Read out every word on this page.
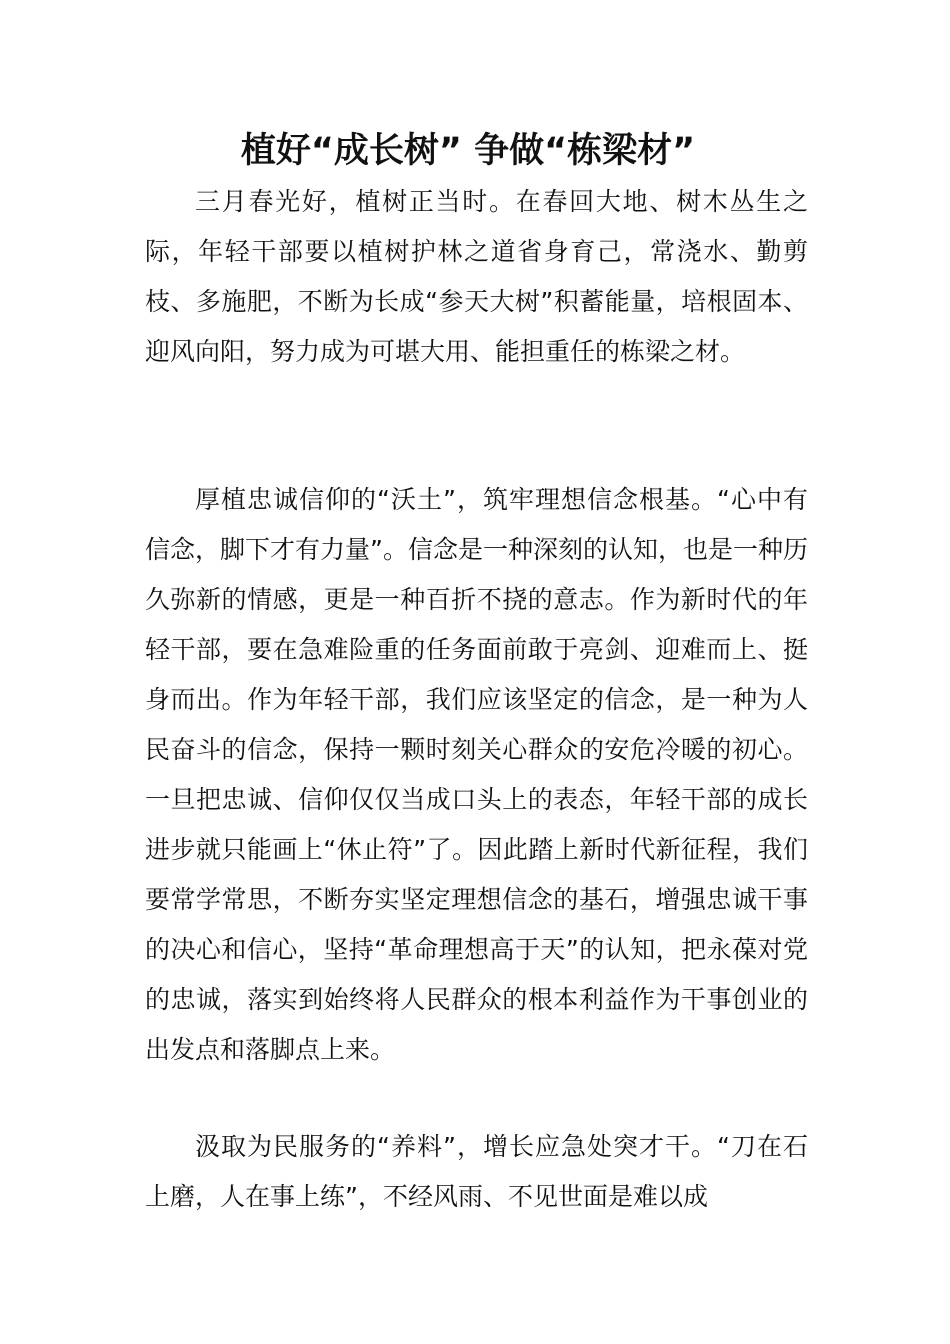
植好“成长树” 争做“栋梁材”

三月春光好，植树正当时。在春回大地、树木丛生之际，年轻干部要以植树护林之道省身育己，常浇水、勤剪枝、多施肥，不断为长成“参天大树”积蓄能量，培根固本、迎风向阳，努力成为可堪大用、能担重任的栋梁之材。

厚植忠诚信仰的“沃土”，筑牢理想信念根基。“心中有信念，脚下才有力量”。信念是一种深刻的认知，也是一种历久弥新的情感，更是一种百折不挠的意志。作为新时代的年轻干部，要在急难险重的任务面前敢于亮剑、迎难而上、挺身而出。作为年轻干部，我们应该坚定的信念，是一种为人民奋斗的信念，保持一颗时刻关心群众的安危冷暖的初心。一旦把忠诚、信仰仅仅当成口头上的表态，年轻干部的成长进步就只能画上“休止符”了。因此踏上新时代新征程，我们要常学常思，不断夯实坚定理想信念的基石，增强忠诚干事的决心和信心，坚持“革命理想高于天”的认知，把永葆对党的忠诚，落实到始终将人民群众的根本利益作为干事创业的出发点和落脚点上来。

汲取为民服务的“养料”，增长应急处突才干。“刀在石上磨，人在事上练”，不经风雨、不见世面是难以成
